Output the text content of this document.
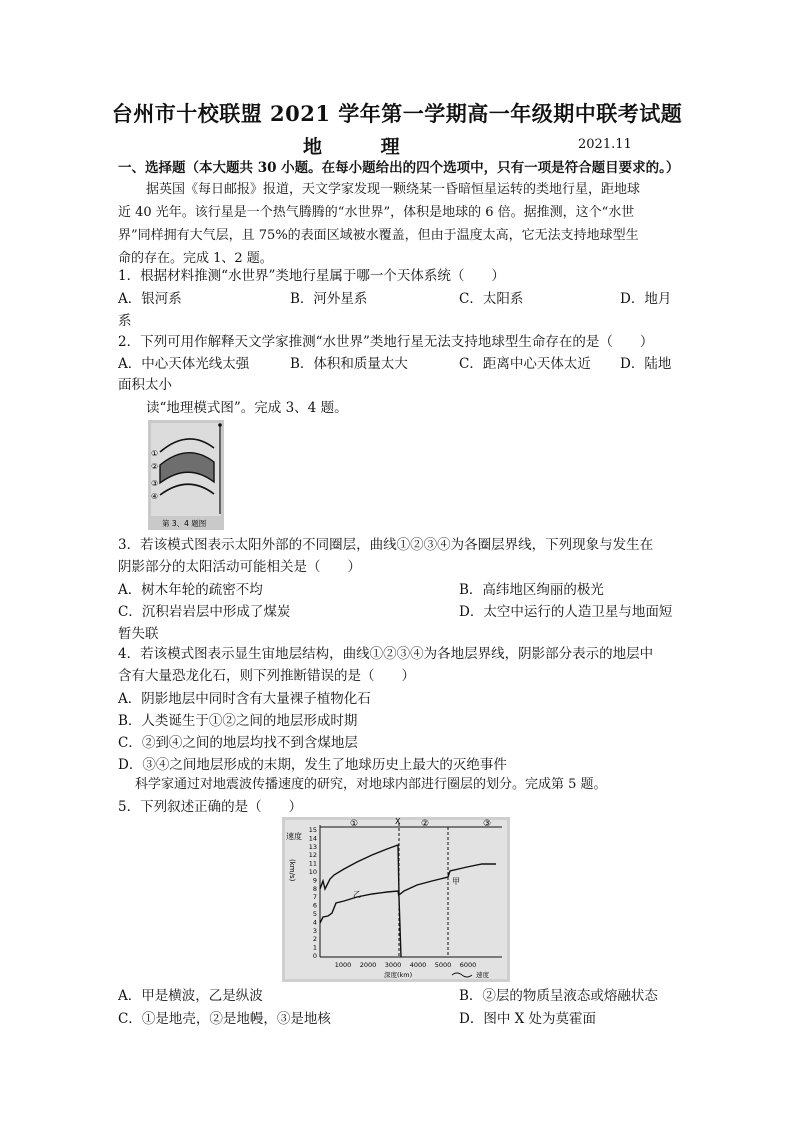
台州市十校联盟 2021 学年第一学期高一年级期中联考试题
地 理	2021.11
一、选择题（本大题共 30 小题。在每小题给出的四个选项中，只有一项是符合题目要求的。）
据英国《每日邮报》报道，天文学家发现一颗绕某一昏暗恒星运转的类地行星，距地球
近 40 光年。该行星是一个热气腾腾的“水世界”，体积是地球的 6 倍。据推测，这个“水世
界”同样拥有大气层，且 75%的表面区域被水覆盖，但由于温度太高，它无法支持地球型生
命的存在。完成 1、2 题。
1．根据材料推测“水世界”类地行星属于哪一个天体系统（　　）
A．银河系	B．河外星系	C．太阳系	D．地月
系
2．下列可用作解释天文学家推测“水世界”类地行星无法支持地球型生命存在的是（　　）
A．中心天体光线太强	B．体积和质量太大	C．距离中心天体太近 D．陆地
面积太小
读“地理模式图”。完成 3、4 题。
①
②
③
④
第 3、4 题图
3．若该模式图表示太阳外部的不同圈层，曲线①②③④为各圈层界线，下列现象与发生在
阴影部分的太阳活动可能相关是（　　）
A．树木年轮的疏密不均	B．高纬地区绚丽的极光
C．沉积岩岩层中形成了煤炭	D．太空中运行的人造卫星与地面短
暂失联
4．若该模式图表示显生宙地层结构，曲线①②③④为各地层界线，阴影部分表示的地层中
含有大量恐龙化石，则下列推断错误的是（　　）
A．阴影地层中同时含有大量裸子植物化石
B．人类诞生于①②之间的地层形成时期
C．②到④之间的地层均找不到含煤地层
D．③④之间地层形成的末期，发生了地球历史上最大的灭绝事件
科学家通过对地震波传播速度的研究，对地球内部进行圈层的划分。完成第 5 题。
5．下列叙述正确的是（　　）
①	②	③
X
速度
(km/s)
15
14
13
12
11
10
9
8
7
6
5
4
3
2
1
0
甲
乙
1000 2000 3000 4000 5000 6000
深度(km)	速度
A．甲是横波，乙是纵波	B．②层的物质呈液态或熔融状态
C．①是地壳，②是地幔，③是地核	D．图中 X 处为莫霍面
